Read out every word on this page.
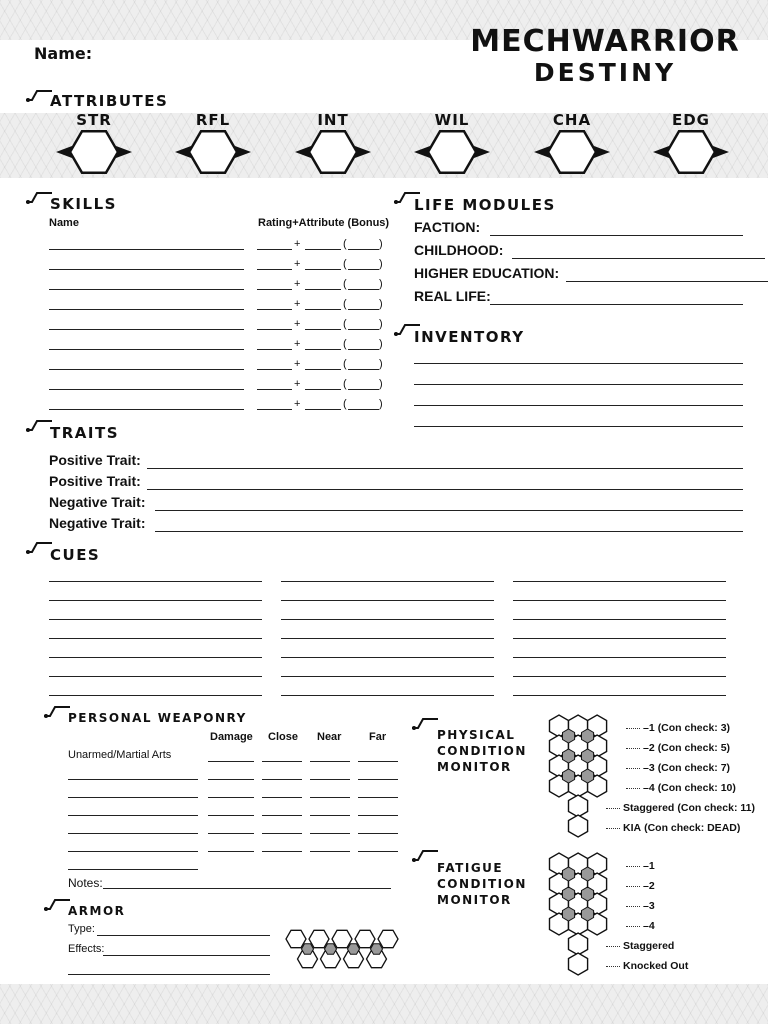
Name:	MECHWARRIOR
DESTINY
ATTRIBUTES
STR	RFL	INT	WIL	CHA	EDG
SKILLS
Name	Rating+Attribute (Bonus)
+	(	)
+	(	)
+	(	)
+	(	)
+	(	)
+	(	)
+	(	)
+	(	)
+	(	)
LIFE MODULES
FACTION:
CHILDHOOD:
HIGHER EDUCATION:
REAL LIFE:
INVENTORY
TRAITS
Positive Trait:
Positive Trait:
Negative Trait:
Negative Trait:
CUES
PERSONAL WEAPONRY
Damage Close Near	Far
Unarmed/Martial Arts
Notes:
ARMOR
Type:
Effects:
PHYSICAL
CONDITION
MONITOR
–1 (Con check: 3)
–2 (Con check: 5)
–3 (Con check: 7)
–4 (Con check: 10)
Staggered (Con check: 11)
KIA (Con check: DEAD)
FATIGUE
CONDITION
MONITOR
–1
–2
–3
–4
Staggered
Knocked Out
